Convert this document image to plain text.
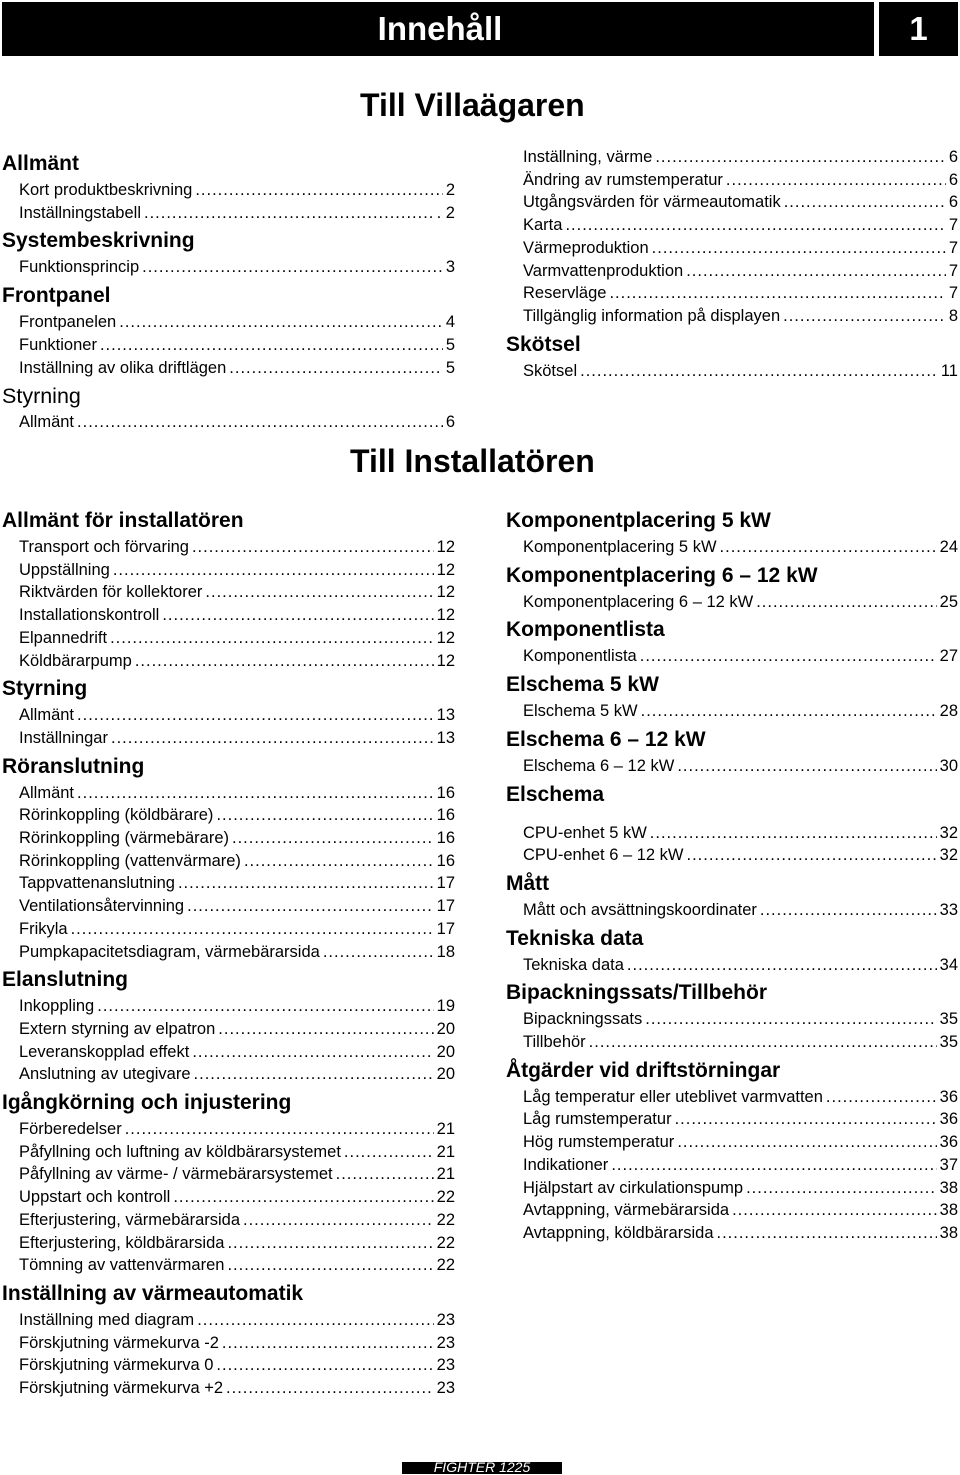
Innehåll	1
Till Villaägaren
Till Installatören
Allmänt
Kort produktbeskrivning .....	2
Inställningstabell .....	. 2
Systembeskrivning
Funktionsprincip .....	3
Frontpanel
Frontpanelen .....	4
Funktioner .....	5
Inställning av olika driftlägen .....	5
Styrning
Allmänt .....	6
Inställning, värme .....	6
Ändring av rumstemperatur .....	6
Utgångsvärden för värmeautomatik .....	6
Karta .....	7
Värmeproduktion .....	7
Varmvattenproduktion .....	7
Reservläge .....	7
Tillgänglig information på displayen .....	8
Skötsel
Skötsel .....	11
Allmänt för installatören
Transport och förvaring .....	12
Uppställning .....	12
Riktvärden för kollektorer .....	12
Installationskontroll .....	12
Elpannedrift .....	12
Köldbärarpump .....	12
Styrning
Allmänt .....	13
Inställningar .....	13
Röranslutning
Allmänt .....	16
Rörinkoppling (köldbärare) .....	16
Rörinkoppling (värmebärare) .....	16
Rörinkoppling (vattenvärmare) .....	16
Tappvattenanslutning .....	17
Ventilationsåtervinning .....	17
Frikyla .....	17
Pumpkapacitetsdiagram, värmebärarsida .....	18
Elanslutning
Inkoppling .....	19
Extern styrning av elpatron .....	20
Leveranskopplad effekt .....	20
Anslutning av utegivare .....	20
Igångkörning och injustering
Förberedelser .....	21
Påfyllning och luftning av köldbärarsystemet .....	21
Påfyllning av värme- / värmebärarsystemet .....	21
Uppstart och kontroll .....	22
Efterjustering, värmebärarsida .....	22
Efterjustering, köldbärarsida .....	22
Tömning av vattenvärmaren .....	22
Inställning av värmeautomatik
Inställning med diagram .....	23
Förskjutning värmekurva -2 .....	23
Förskjutning värmekurva 0 .....	23
Förskjutning värmekurva +2 .....	23
Komponentplacering 5 kW
Komponentplacering 5 kW .....	24
Komponentplacering 6 – 12 kW
Komponentplacering 6 – 12 kW .....	25
Komponentlista
Komponentlista .....	27
Elschema 5 kW
Elschema 5 kW .....	28
Elschema 6 – 12 kW
Elschema 6 – 12 kW .....	30
Elschema
CPU-enhet 5 kW .....	32
CPU-enhet 6 – 12 kW .....	32
Mått
Mått och avsättningskoordinater .....	33
Tekniska data
Tekniska data .....	34
Bipackningssats/Tillbehör
Bipackningssats .....	35
Tillbehör .....	35
Åtgärder vid driftstörningar
Låg temperatur eller uteblivet varmvatten .....	36
Låg rumstemperatur .....	36
Hög rumstemperatur .....	36
Indikationer .....	37
Hjälpstart av cirkulationspump .....	38
Avtappning, värmebärarsida .....	38
Avtappning, köldbärarsida .....	38
FIGHTER 1225
